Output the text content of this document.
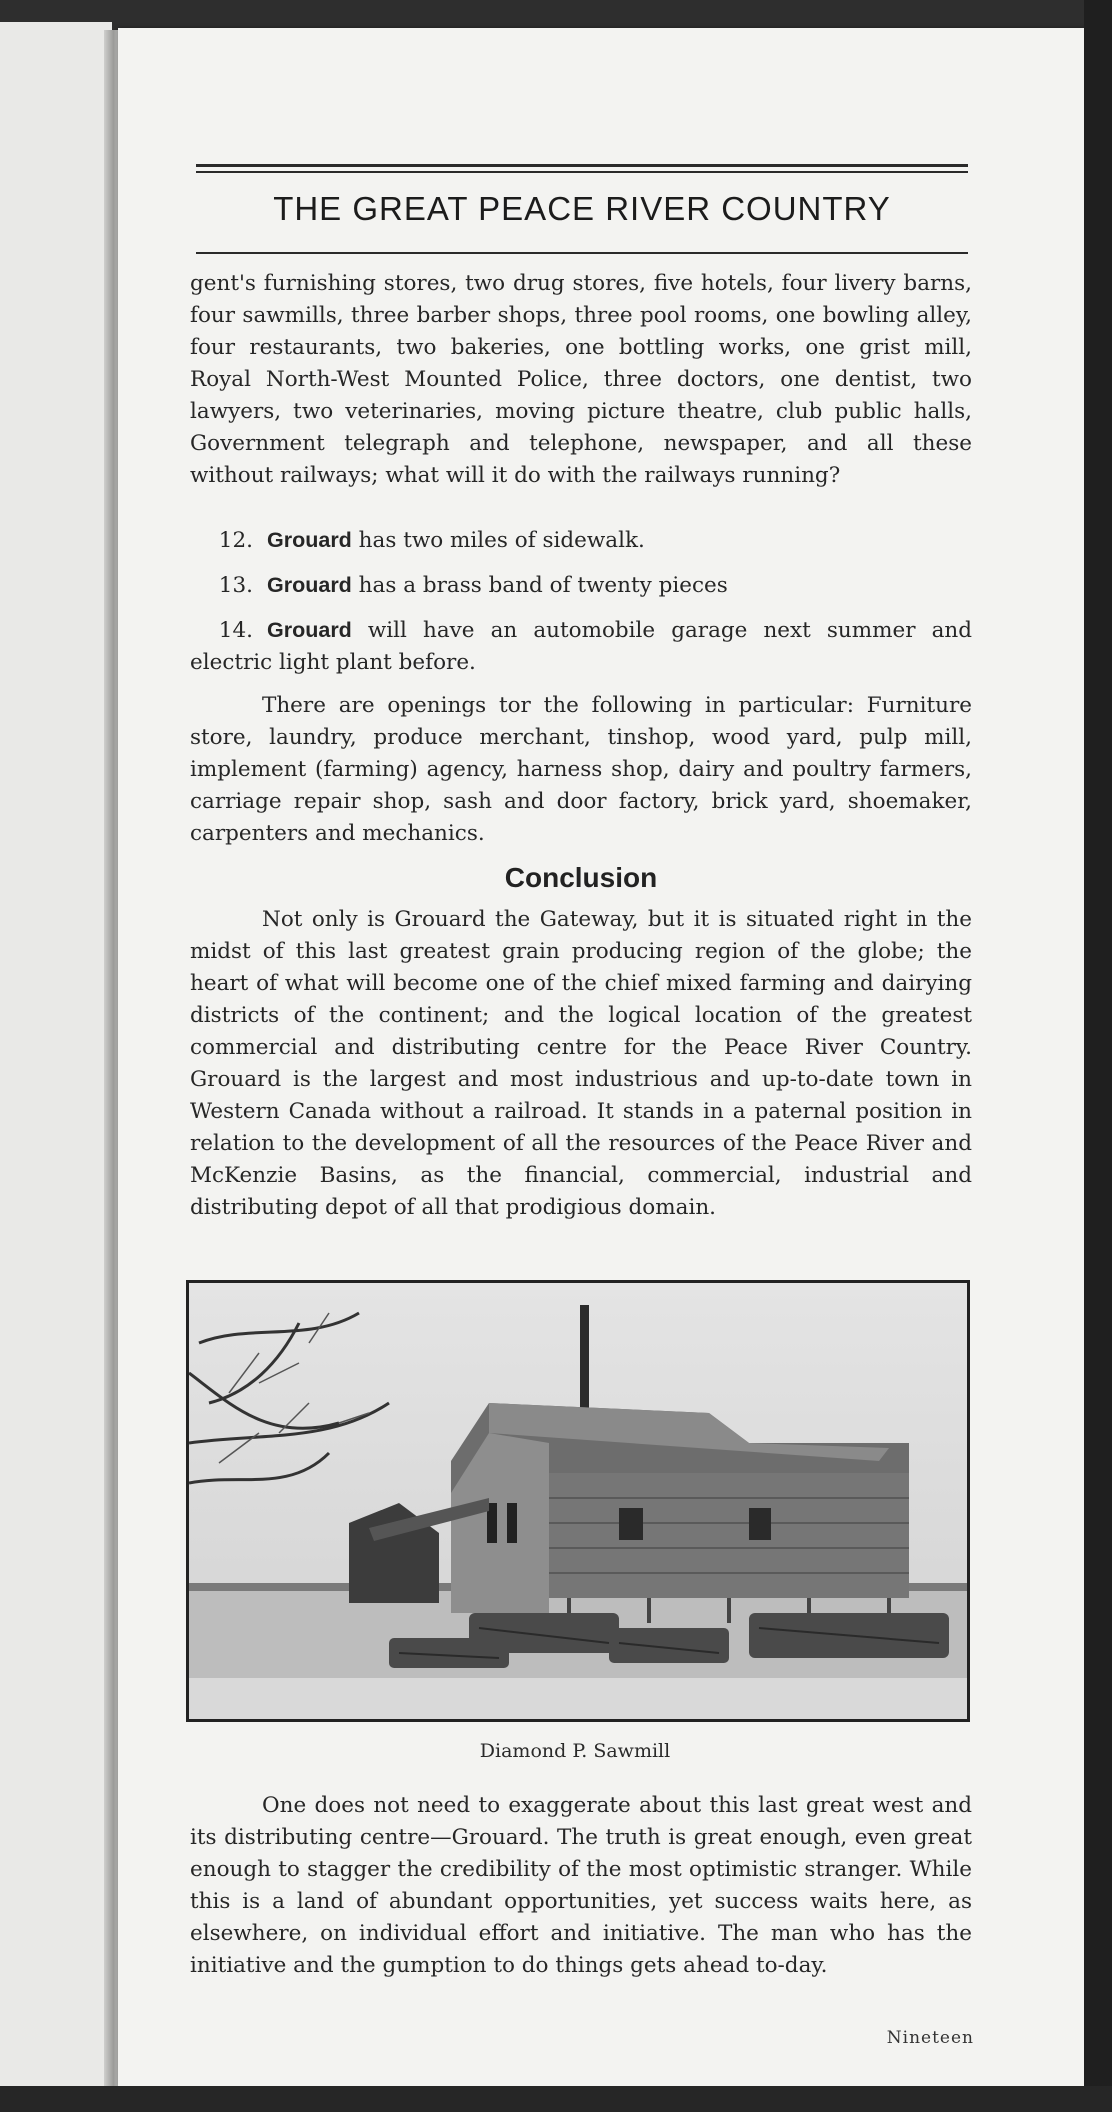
THE GREAT PEACE RIVER COUNTRY
gent's furnishing stores, two drug stores, five hotels, four livery barns, four sawmills, three barber shops, three pool rooms, one bowling alley, four restaurants, two bakeries, one bottling works, one grist mill, Royal North-West Mounted Police, three doctors, one dentist, two lawyers, two veterinaries, moving picture theatre, club public halls, Government telegraph and telephone, newspaper, and all these without railways; what will it do with the railways running?
12. Grouard has two miles of sidewalk.
13. Grouard has a brass band of twenty pieces
14. Grouard will have an automobile garage next summer and electric light plant before.
There are openings tor the following in particular: Furniture store, laundry, produce merchant, tinshop, wood yard, pulp mill, implement (farming) agency, harness shop, dairy and poultry farmers, carriage repair shop, sash and door factory, brick yard, shoemaker, carpenters and mechanics.
Conclusion
Not only is Grouard the Gateway, but it is situated right in the midst of this last greatest grain producing region of the globe; the heart of what will become one of the chief mixed farming and dairying districts of the continent; and the logical location of the greatest commercial and distributing centre for the Peace River Country. Grouard is the largest and most industrious and up-to-date town in Western Canada without a railroad. It stands in a paternal position in relation to the development of all the resources of the Peace River and McKenzie Basins, as the financial, commercial, industrial and distributing depot of all that prodigious domain.
Diamond P. Sawmill
One does not need to exaggerate about this last great west and its distributing centre—Grouard. The truth is great enough, even great enough to stagger the credibility of the most optimistic stranger. While this is a land of abundant opportunities, yet success waits here, as elsewhere, on individual effort and initiative. The man who has the initiative and the gumption to do things gets ahead to-day.
Nineteen
